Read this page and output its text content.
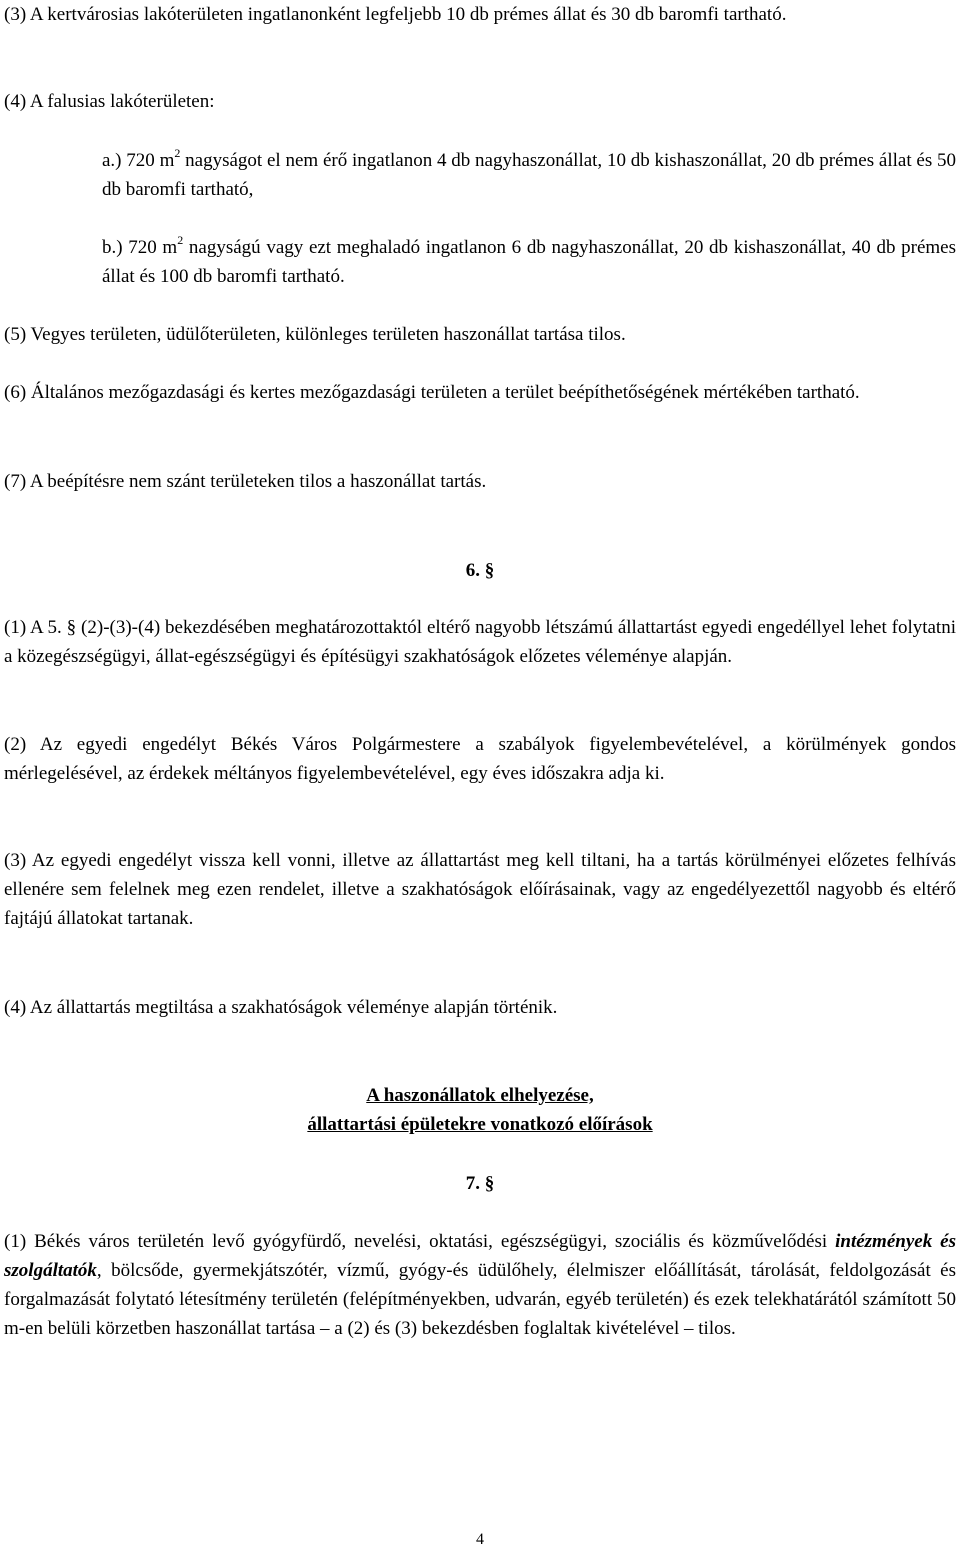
(3) A kertvárosias lakóterületen ingatlanonként legfeljebb 10 db prémes állat és 30 db baromfi tartható.

(4) A falusias lakóterületen:

a.) 720 $m^2$ nagyságot el nem érő ingatlanon 4 db nagyhaszonállat, 10 db kishaszonállat, 20 db prémes állat és 50 db baromfi tartható,

b.) 720 $m^2$ nagyságú vagy ezt meghaladó ingatlanon 6 db nagyhaszonállat, 20 db kishaszonállat, 40 db prémes állat és 100 db baromfi tartható.

(5) Vegyes területen, üdülőterületen, különleges területen haszonállat tartása tilos.

(6) Általános mezőgazdasági és kertes mezőgazdasági területen a terület beépíthetőségének mértékében tartható.

(7) A beépítésre nem szánt területeken tilos a haszonállat tartás.

6. §

(1) A 5. § (2)-(3)-(4) bekezdésében meghatározottaktól eltérő nagyobb létszámú állattartást egyedi engedéllyel lehet folytatni a közegészségügyi, állat-egészségügyi és építésügyi szakhatóságok előzetes véleménye alapján.

(2) Az egyedi engedélyt Békés Város Polgármestere a szabályok figyelembevételével, a körülmények gondos mérlegelésével, az érdekek méltányos figyelembevételével, egy éves időszakra adja ki.

(3) Az egyedi engedélyt vissza kell vonni, illetve az állattartást meg kell tiltani, ha a tartás körülményei előzetes felhívás ellenére sem felelnek meg ezen rendelet, illetve a szakhatóságok előírásainak, vagy az engedélyezettől nagyobb és eltérő fajtájú állatokat tartanak.

(4) Az állattartás megtiltása a szakhatóságok véleménye alapján történik.

A haszonállatok elhelyezése,

állattartási épületekre vonatkozó előírások

7. §

(1) Békés város területén levő gyógyfürdő, nevelési, oktatási, egészségügyi, szociális és közművelődési intézmények és szolgáltatók, bölcsőde, gyermekjátszótér, vízmű, gyógy-és üdülőhely, élelmiszer előállítását, tárolását, feldolgozását és forgalmazását folytató létesítmény területén (felépítményekben, udvarán, egyéb területén) és ezek telekhatárától számított 50 m-en belüli körzetben haszonállat tartása – a (2) és (3) bekezdésben foglaltak kivételével – tilos.

4
